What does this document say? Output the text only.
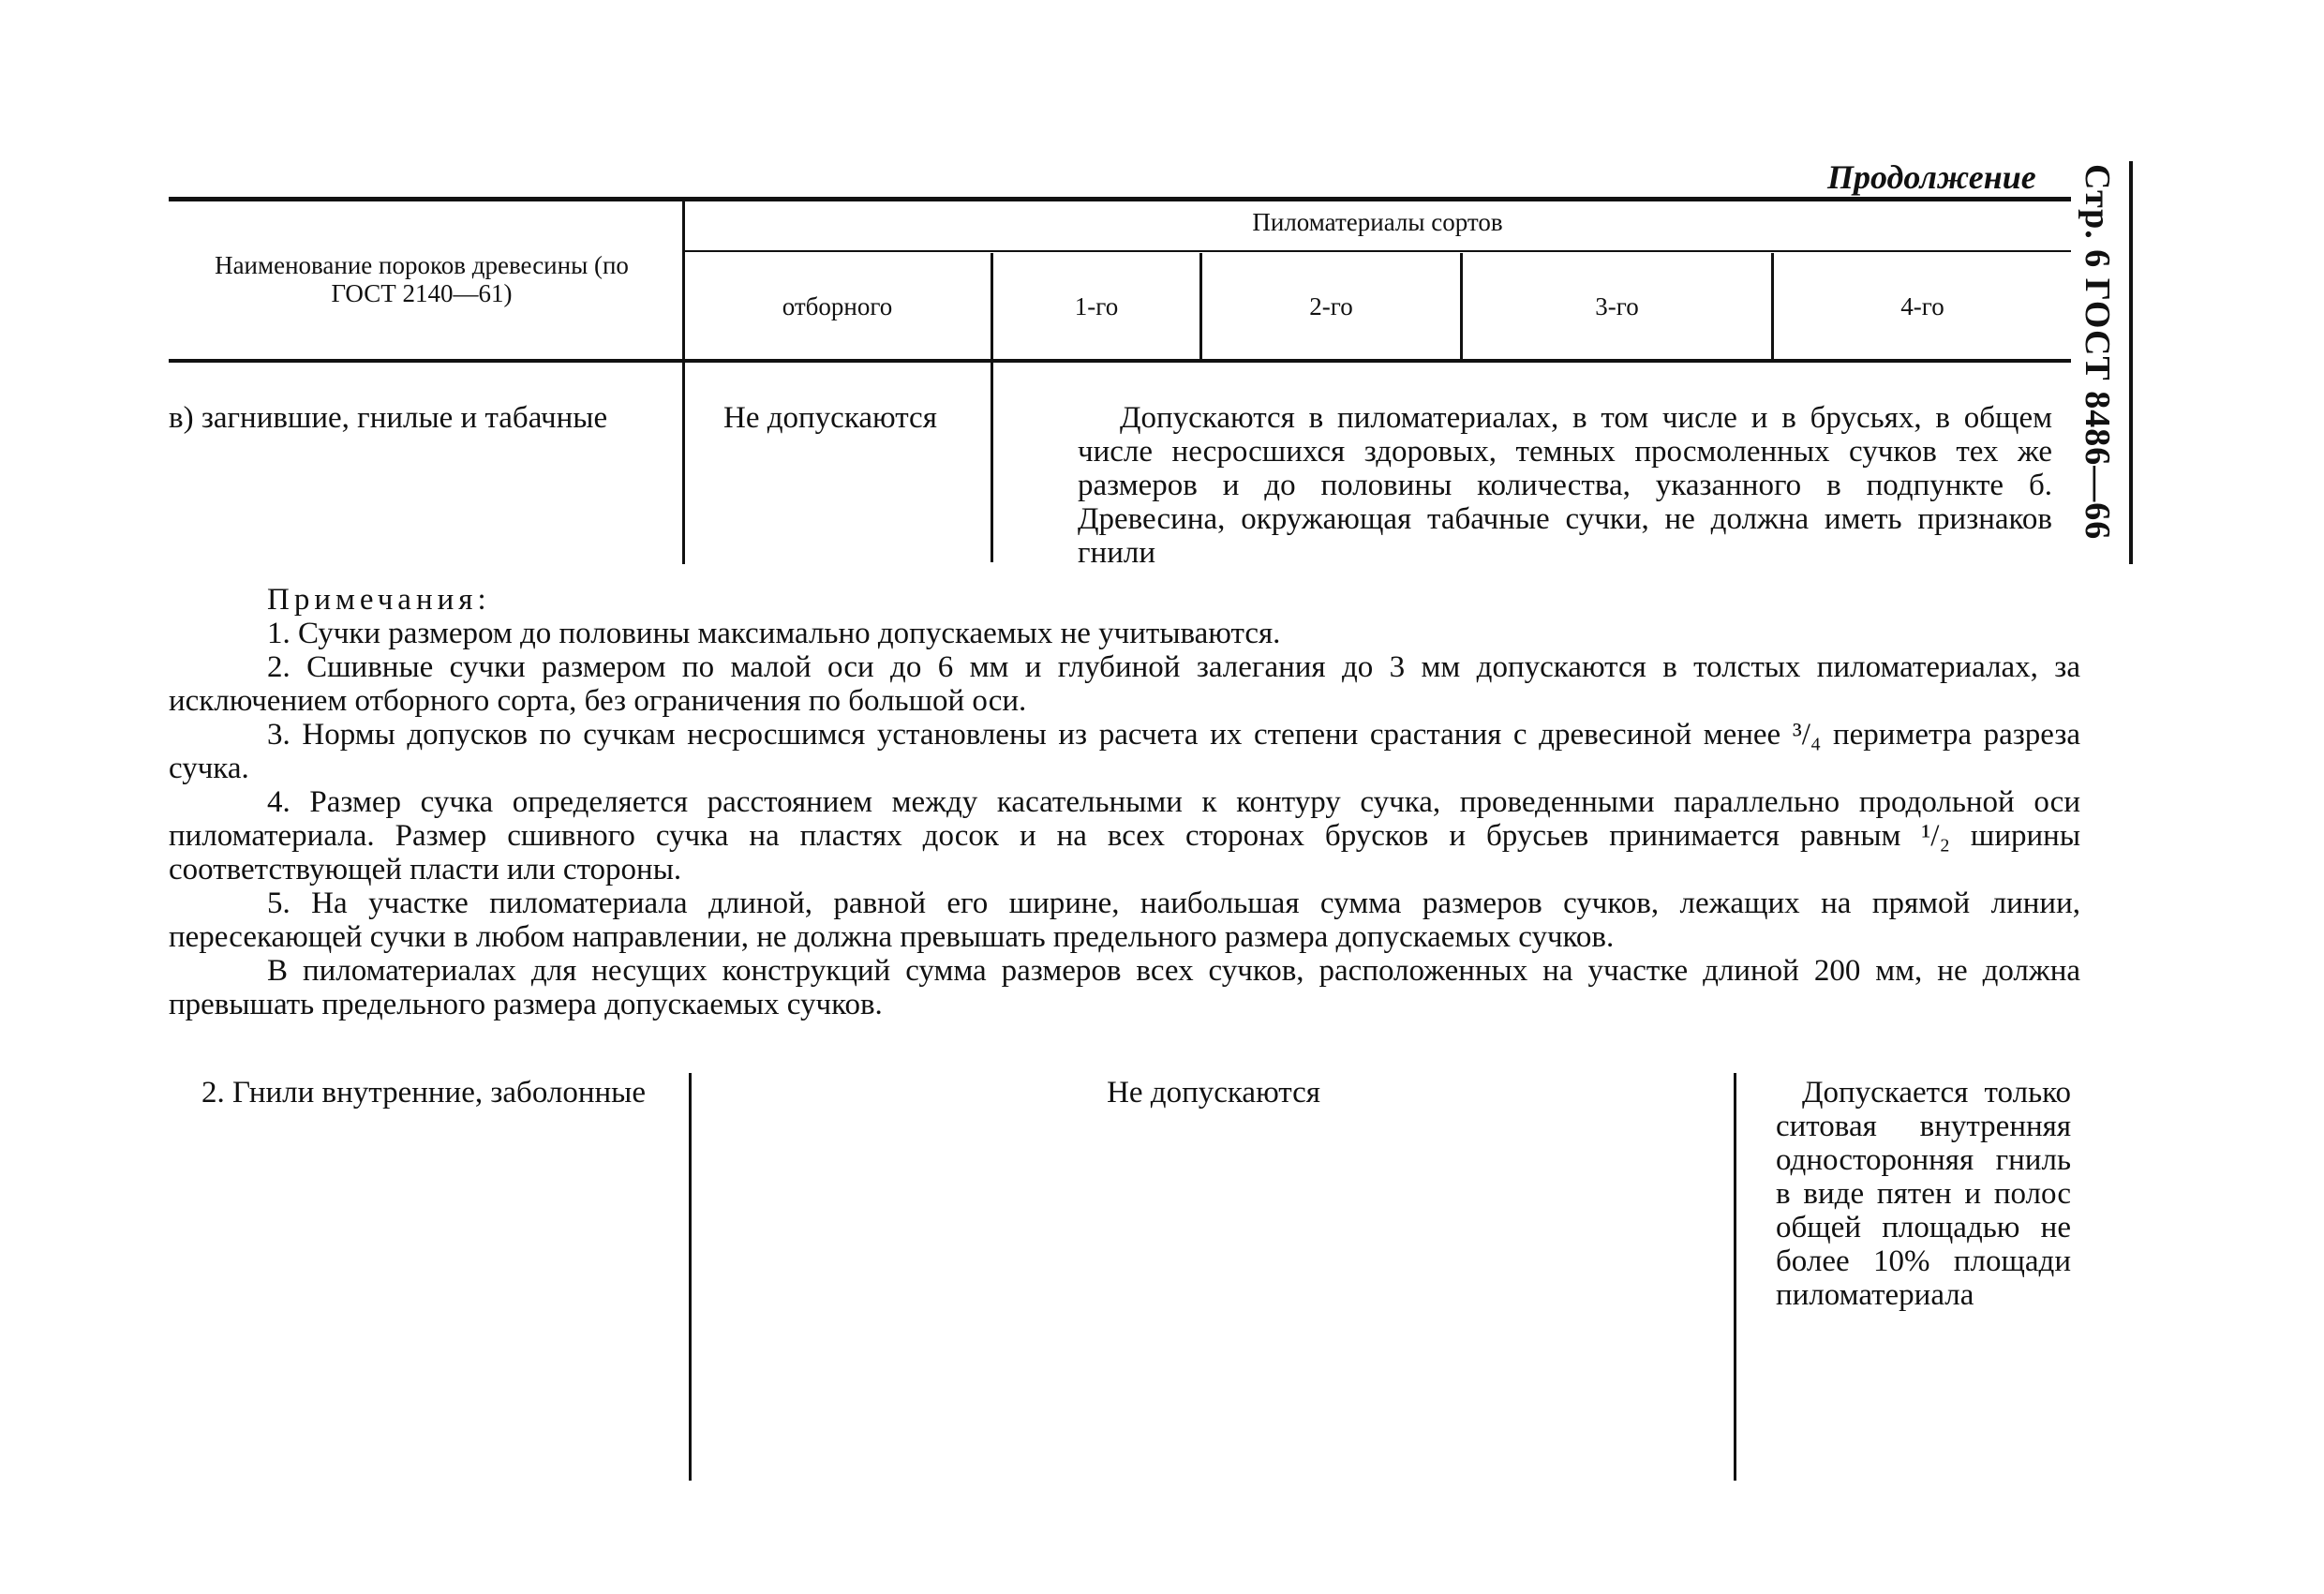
Продолжение Стр. 6 ГОСТ 8486—66
Наименование пороков древесины (по ГОСТ 2140—61)
Пиломатериалы сортов
отборного	1-го	2-го	3-го	4-го
в) загнившие, гнилые и табачные	Не допускаются	Допускаются в пиломатериалах, в том числе и в брусьях, в общем числе несросшихся здоровых, темных просмоленных сучков тех же размеров и до половины количества, указанного в подпункте б. Древесина, окружающая табачные сучки, не должна иметь признаков гнили

Примечания:

1. Сучки размером до половины максимально допускаемых не учитываются.

2. Сшивные сучки размером по малой оси до 6 мм и глубиной залегания до 3 мм допускаются в толстых пиломатериалах, за исключением отборного сорта, без ограничения по большой оси.

3. Нормы допусков по сучкам несросшимся установлены из расчета их степени срастания с древесиной менее ³/₄ периметра разреза сучка.

4. Размер сучка определяется расстоянием между касательными к контуру сучка, проведенными параллельно продольной оси пиломатериала. Размер сшивного сучка на пластях досок и на всех сторонах брусков и брусьев принимается равным ¹/₂ ширины соответствующей пласти или стороны.

5. На участке пиломатериала длиной, равной его ширине, наибольшая сумма размеров сучков, лежащих на прямой линии, пересекающей сучки в любом направлении, не должна превышать предельного размера допускаемых сучков.

В пиломатериалах для несущих конструкций сумма размеров всех сучков, расположенных на участке длиной 200 мм, не должна превышать предельного размера допускаемых сучков.

2. Гнили внутренние, заболонные	Не допускаются	Допускается только ситовая внутренняя односторонняя гниль в виде пятен и полос общей площадью не более 10% площади пиломатериала
